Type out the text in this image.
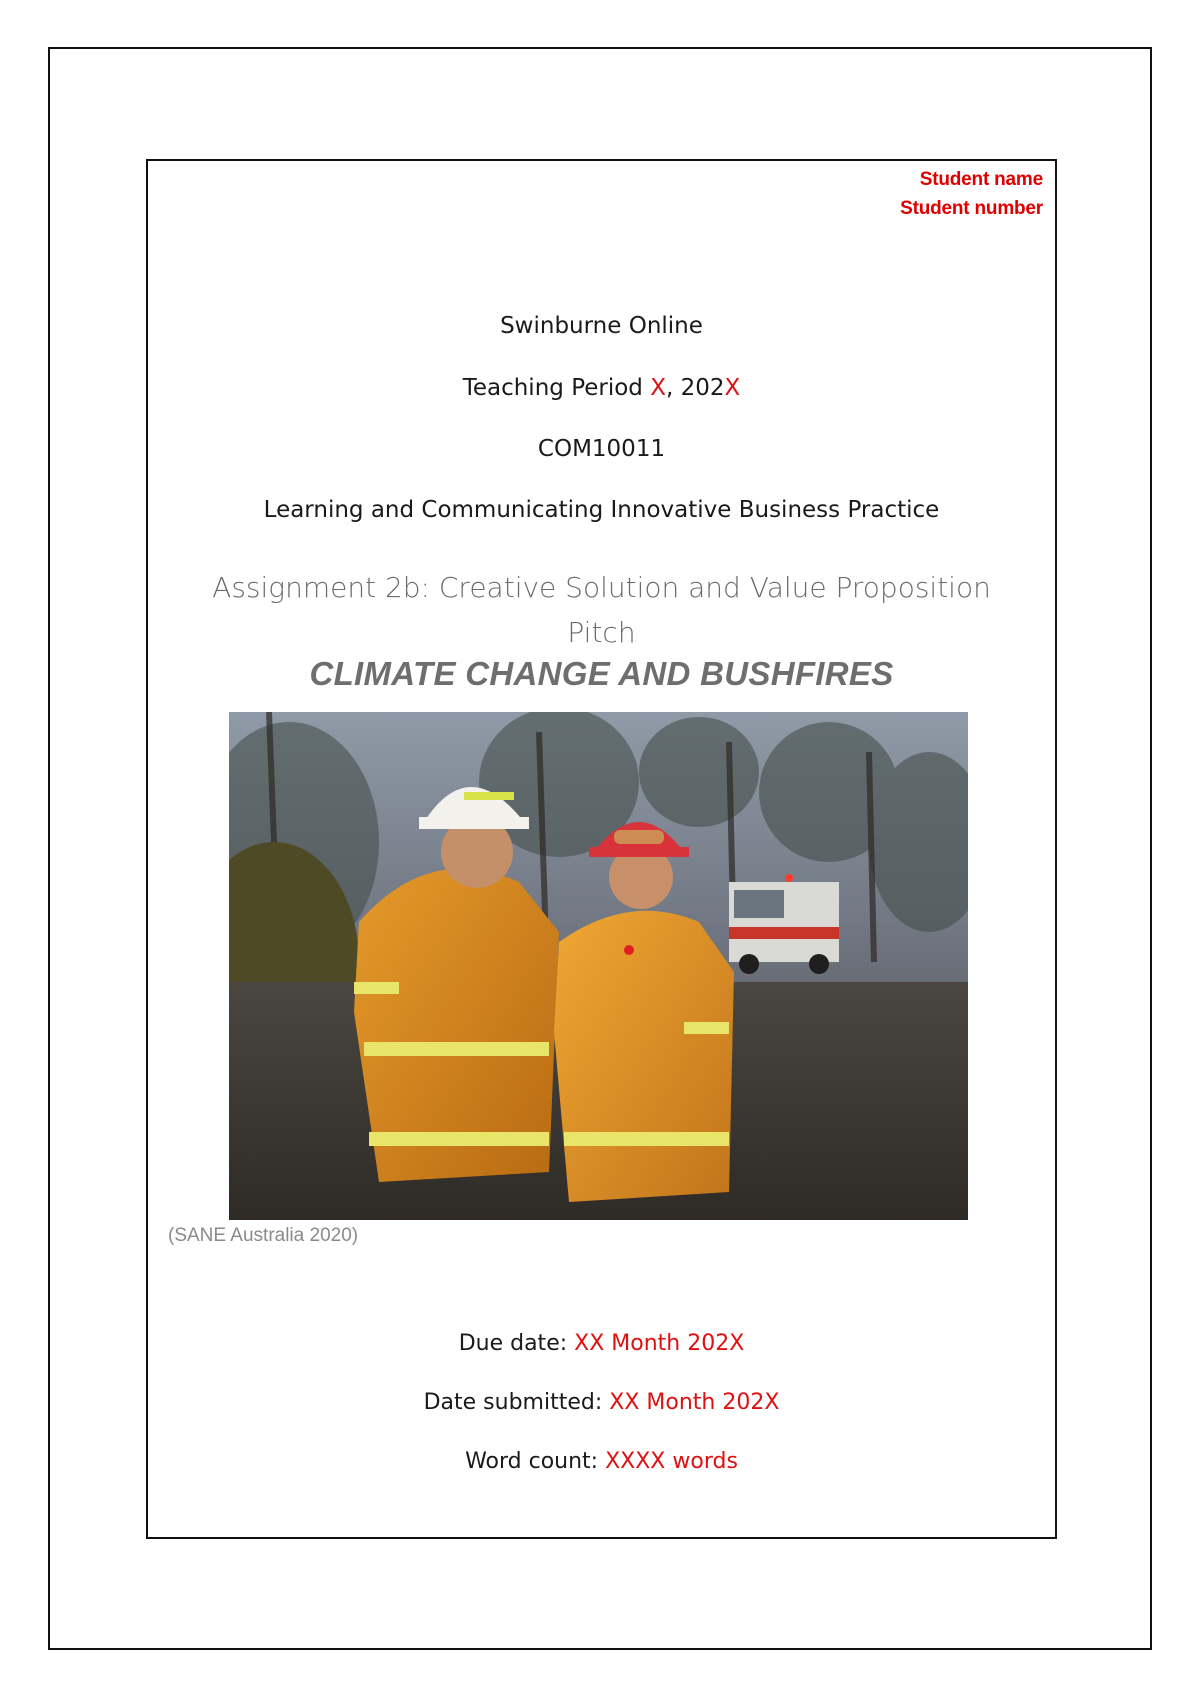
Student name
Student number
Swinburne Online
Teaching Period X, 202X
COM10011
Learning and Communicating Innovative Business Practice
Assignment 2b: Creative Solution and Value Proposition Pitch
CLIMATE CHANGE AND BUSHFIRES
(SANE Australia 2020)
Due date: XX Month 202X
Date submitted: XX Month 202X
Word count: XXXX words
